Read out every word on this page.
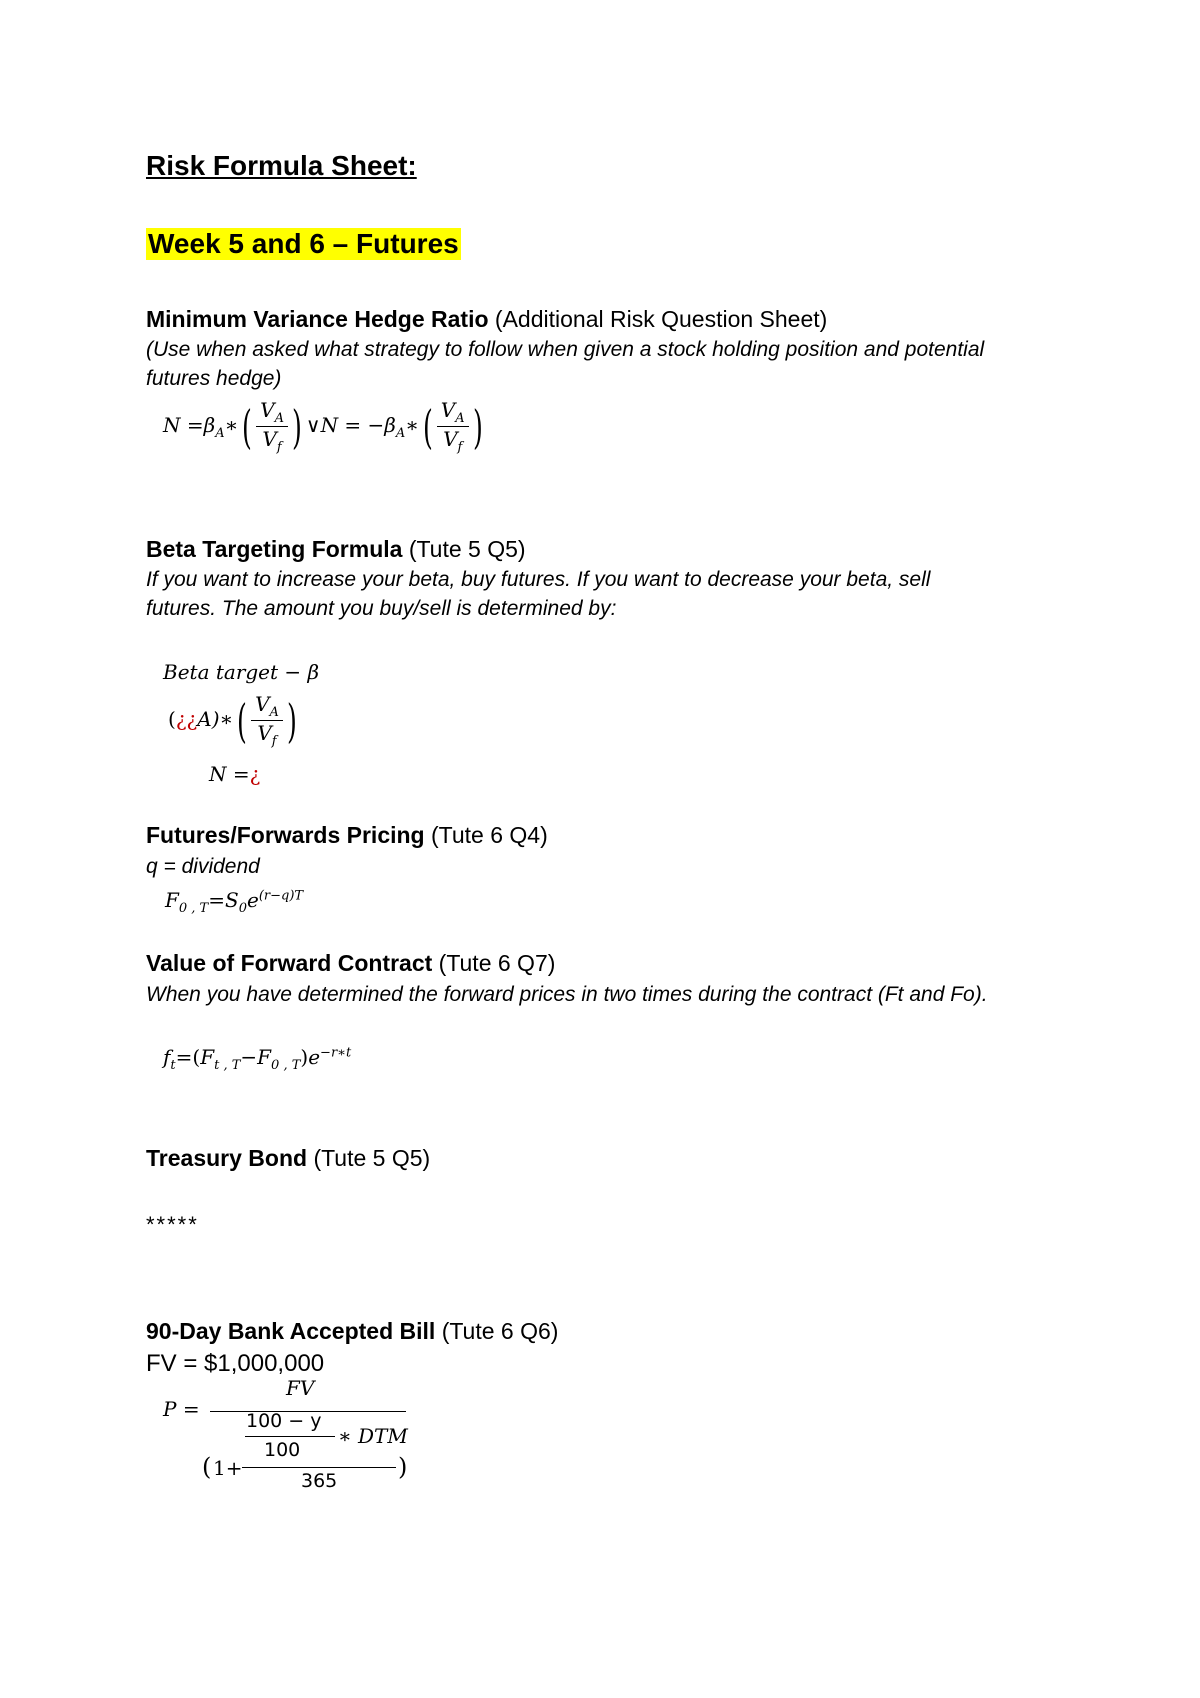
Risk Formula Sheet:
Week 5 and 6 – Futures
Minimum Variance Hedge Ratio (Additional Risk Question Sheet)
(Use when asked what strategy to follow when given a stock holding position and potential
futures hedge)
$N =\beta_A∗( \frac{V_A}{V_f}$ ) ∨N = $-\beta_A∗( \frac{V_A}{V_f}$ )
Beta Targeting Formula (Tute 5 Q5)
If you want to increase your beta, buy futures. If you want to decrease your beta, sell
futures. The amount you buy/sell is determined by:
Beta target − β
(¿¿A)∗( $\frac{V_A}{V_f}$ )
N =¿
Futures/Forwards Pricing (Tute 6 Q4)
q = dividend
$F_{0 , T}=S_0e^{(r-q)T}$
Value of Forward Contract (Tute 6 Q7)
When you have determined the forward prices in two times during the contract (Ft and Fo).
$f_t=(F_{t , T}-F_{0 , T})e^{-r∗t}$
Treasury Bond (Tute 5 Q5)
*****
90-Day Bank Accepted Bill (Tute 6 Q6)
FV = $1,000,000
P =
FV
100 − y
∗ DTM
100
( 1+	)
365
